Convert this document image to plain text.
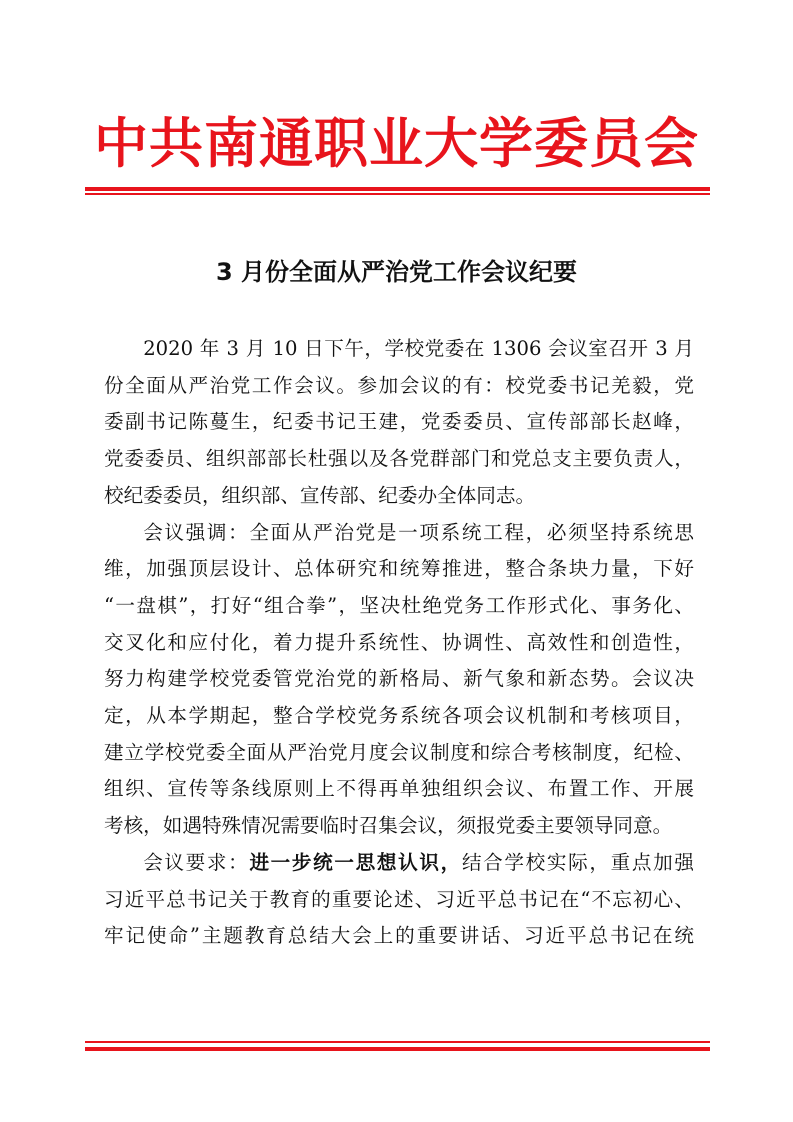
中共南通职业大学委员会
3 月份全面从严治党工作会议纪要

2020 年 3 月 10 日下午，学校党委在 1306 会议室召开 3 月
份全面从严治党工作会议。参加会议的有：校党委书记羌毅，党
委副书记陈蔓生，纪委书记王建，党委委员、宣传部部长赵峰，
党委委员、组织部部长杜强以及各党群部门和党总支主要负责人，
校纪委委员，组织部、宣传部、纪委办全体同志。

会议强调：全面从严治党是一项系统工程，必须坚持系统思
维，加强顶层设计、总体研究和统筹推进，整合条块力量，下好
“一盘棋”，打好“组合拳”，坚决杜绝党务工作形式化、事务化、
交叉化和应付化，着力提升系统性、协调性、高效性和创造性，
努力构建学校党委管党治党的新格局、新气象和新态势。会议决
定，从本学期起，整合学校党务系统各项会议机制和考核项目，
建立学校党委全面从严治党月度会议制度和综合考核制度，纪检、
组织、宣传等条线原则上不得再单独组织会议、布置工作、开展
考核，如遇特殊情况需要临时召集会议，须报党委主要领导同意。

会议要求：进一步统一思想认识，结合学校实际，重点加强
习近平总书记关于教育的重要论述、习近平总书记在“不忘初心、
牢记使命”主题教育总结大会上的重要讲话、习近平总书记在统
